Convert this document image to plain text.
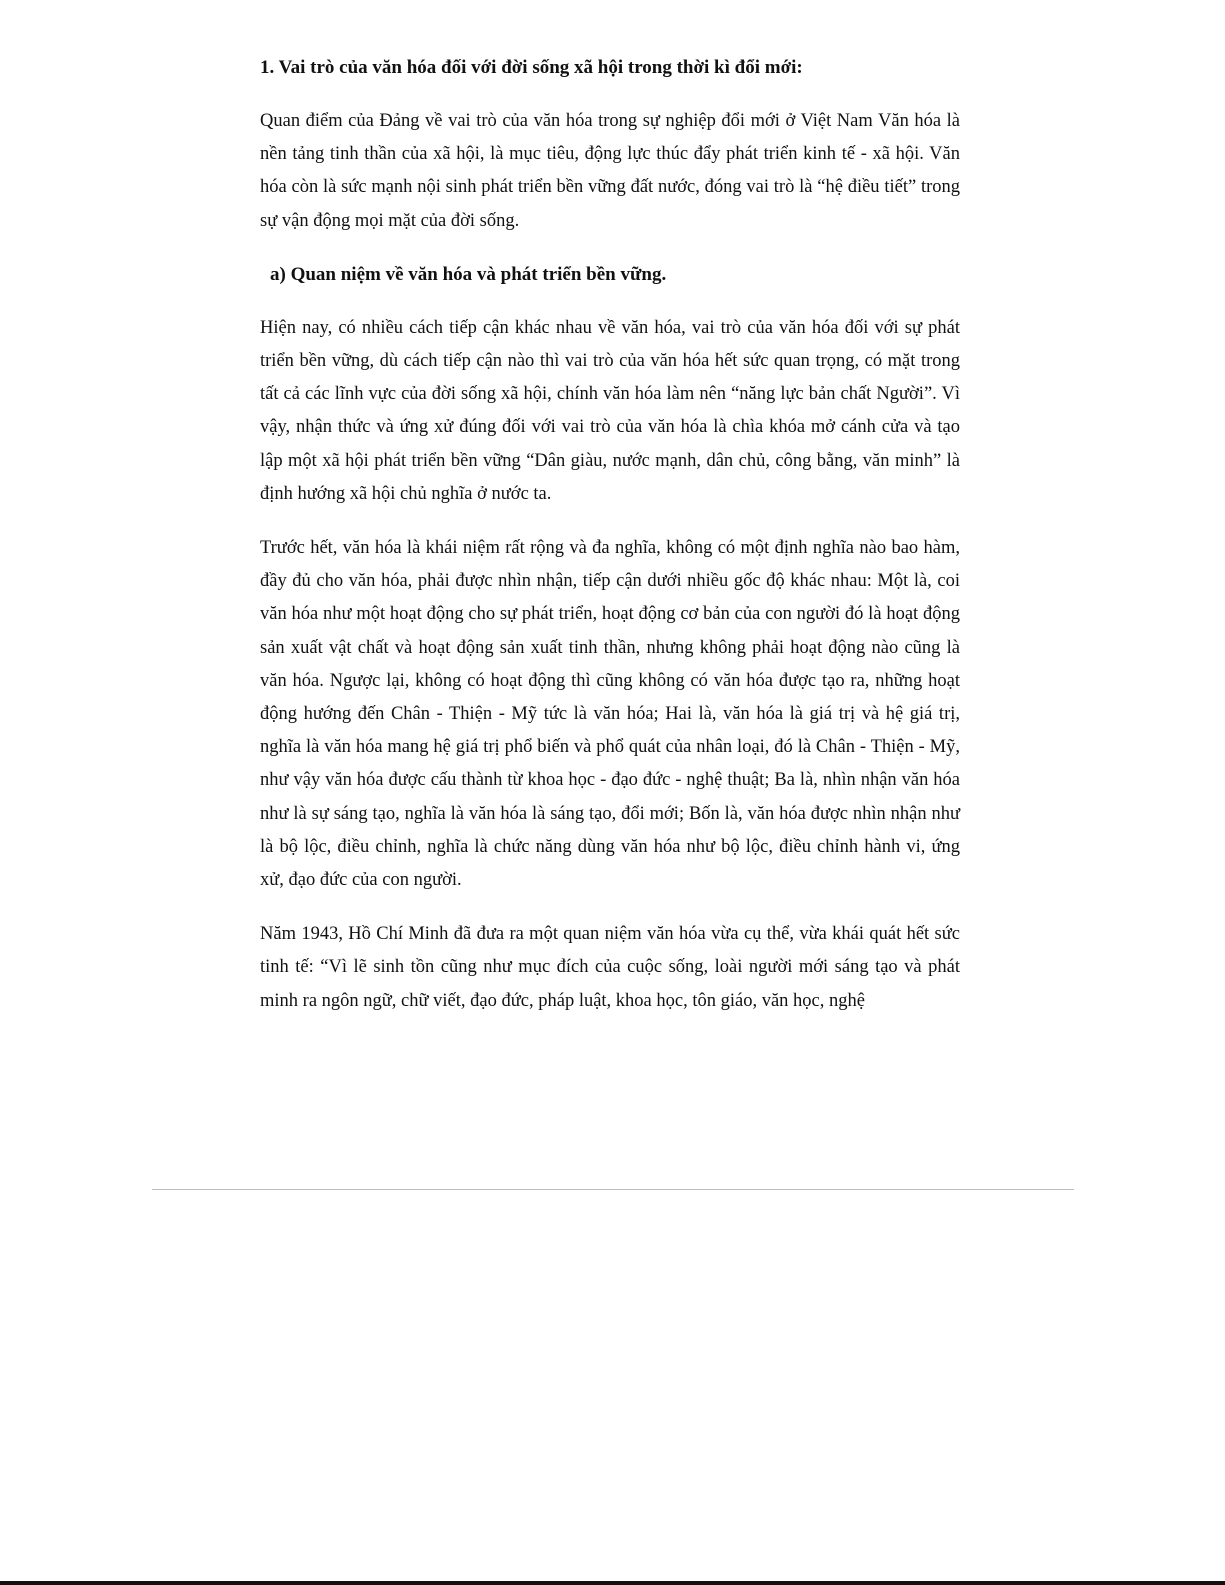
1. Vai trò của văn hóa đối với đời sống xã hội trong thời kì đổi mới:

Quan điểm của Đảng về vai trò của văn hóa trong sự nghiệp đổi mới ở Việt Nam Văn hóa là nền tảng tinh thần của xã hội, là mục tiêu, động lực thúc đẩy phát triển kinh tế - xã hội. Văn hóa còn là sức mạnh nội sinh phát triển bền vững đất nước, đóng vai trò là “hệ điều tiết” trong sự vận động mọi mặt của đời sống.

a) Quan niệm về văn hóa và phát triển bền vững.

Hiện nay, có nhiều cách tiếp cận khác nhau về văn hóa, vai trò của văn hóa đối với sự phát triển bền vững, dù cách tiếp cận nào thì vai trò của văn hóa hết sức quan trọng, có mặt trong tất cả các lĩnh vực của đời sống xã hội, chính văn hóa làm nên “năng lực bản chất Người”. Vì vậy, nhận thức và ứng xử đúng đối với vai trò của văn hóa là chìa khóa mở cánh cửa và tạo lập một xã hội phát triển bền vững “Dân giàu, nước mạnh, dân chủ, công bằng, văn minh” là định hướng xã hội chủ nghĩa ở nước ta.

Trước hết, văn hóa là khái niệm rất rộng và đa nghĩa, không có một định nghĩa nào bao hàm, đầy đủ cho văn hóa, phải được nhìn nhận, tiếp cận dưới nhiều gốc độ khác nhau: Một là, coi văn hóa như một hoạt động cho sự phát triển, hoạt động cơ bản của con người đó là hoạt động sản xuất vật chất và hoạt động sản xuất tinh thần, nhưng không phải hoạt động nào cũng là văn hóa. Ngược lại, không có hoạt động thì cũng không có văn hóa được tạo ra, những hoạt động hướng đến Chân - Thiện - Mỹ tức là văn hóa; Hai là, văn hóa là giá trị và hệ giá trị, nghĩa là văn hóa mang hệ giá trị phổ biến và phổ quát của nhân loại, đó là Chân - Thiện - Mỹ, như vậy văn hóa được cấu thành từ khoa học - đạo đức - nghệ thuật; Ba là, nhìn nhận văn hóa như là sự sáng tạo, nghĩa là văn hóa là sáng tạo, đổi mới; Bốn là, văn hóa được nhìn nhận như là bộ lộc, điều chỉnh, nghĩa là chức năng dùng văn hóa như bộ lộc, điều chỉnh hành vi, ứng xử, đạo đức của con người.

Năm 1943, Hồ Chí Minh đã đưa ra một quan niệm văn hóa vừa cụ thể, vừa khái quát hết sức tinh tế: “Vì lẽ sinh tồn cũng như mục đích của cuộc sống, loài người mới sáng tạo và phát minh ra ngôn ngữ, chữ viết, đạo đức, pháp luật, khoa học, tôn giáo, văn học, nghệ
